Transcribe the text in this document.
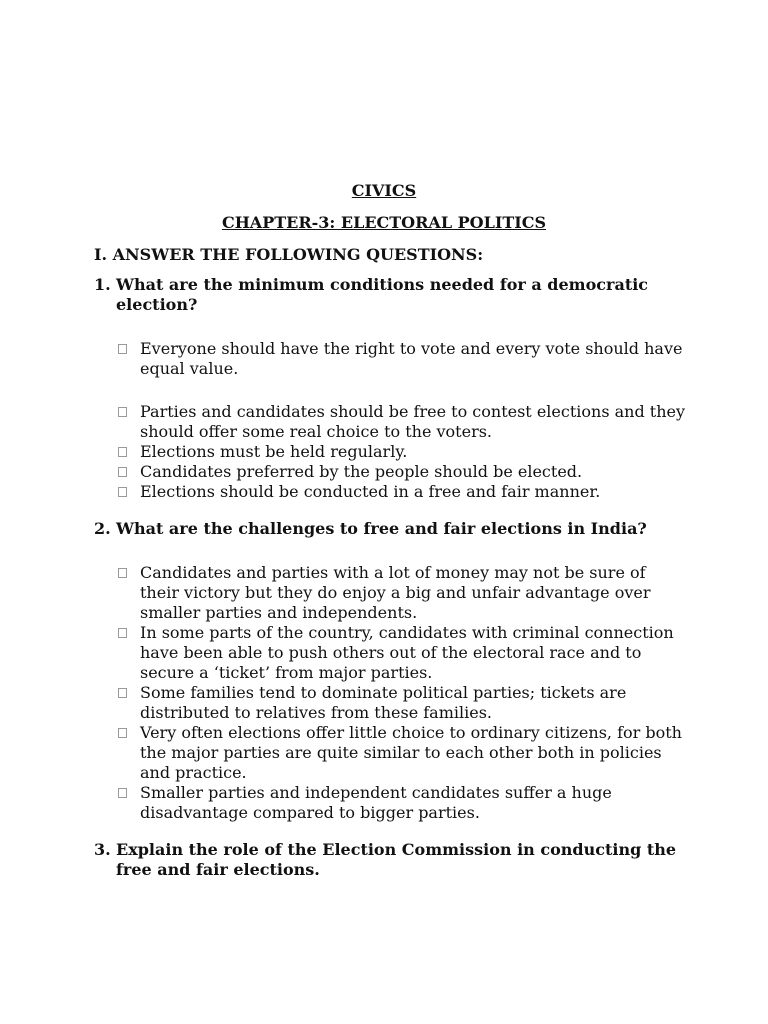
CIVICS
CHAPTER-3: ELECTORAL POLITICS
I. ANSWER THE FOLLOWING QUESTIONS:
1. What are the minimum conditions needed for a democratic election?
Everyone should have the right to vote and every vote should have equal value.
Parties and candidates should be free to contest elections and they should offer some real choice to the voters.
Elections must be held regularly.
Candidates preferred by the people should be elected.
Elections should be conducted in a free and fair manner.
2. What are the challenges to free and fair elections in India?
Candidates and parties with a lot of money may not be sure of their victory but they do enjoy a big and unfair advantage over smaller parties and independents.
In some parts of the country, candidates with criminal connection have been able to push others out of the electoral race and to secure a ‘ticket’ from major parties.
Some families tend to dominate political parties; tickets are distributed to relatives from these families.
Very often elections offer little choice to ordinary citizens, for both the major parties are quite similar to each other both in policies and practice.
Smaller parties and independent candidates suffer a huge disadvantage compared to bigger parties.
3. Explain the role of the Election Commission in conducting the free and fair elections.
